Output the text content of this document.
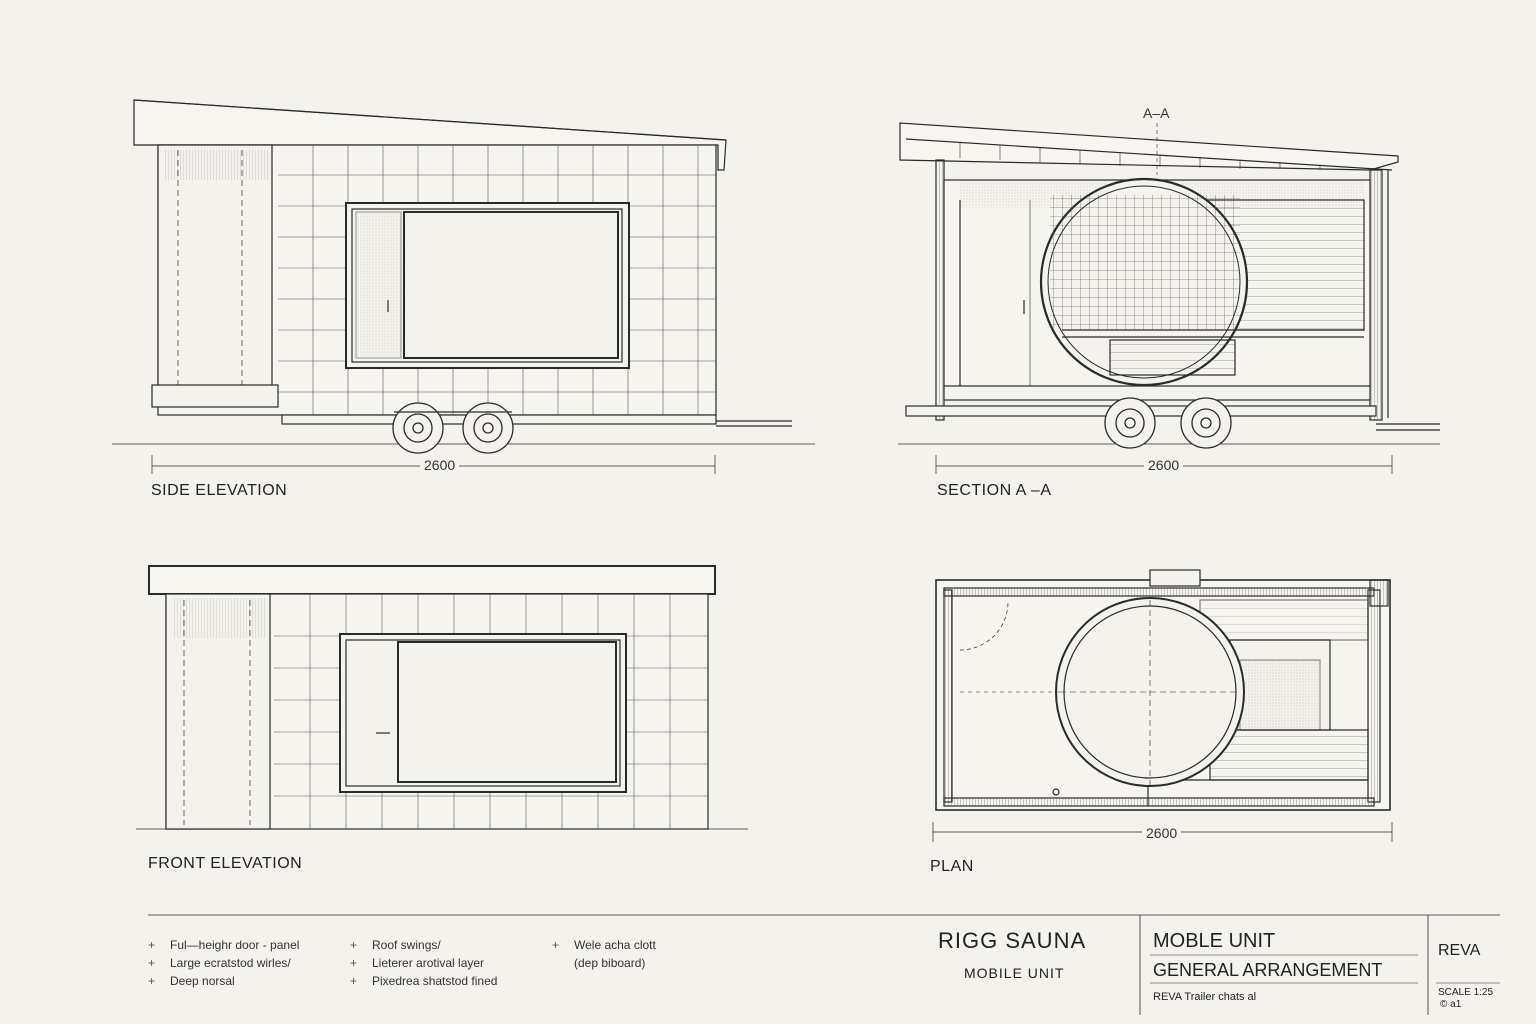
SIDE ELEVATION
2600
SECTION A –A
A–A
2600
FRONT ELEVATION	PLAN
2600
+ Ful—heighr door - panel
+ Large ecratstod wirles/
+ Deep norsal
+ Roof swings/
+ Lieterer arotival layer
+ Pixedrea shatstod fined
+ Wele acha clott
(dep biboard)
RIGG SAUNA
MOBILE UNIT
MOBLE UNIT
GENERAL ARRANGEMENT
REVA Trailer chats al
REVA
SCALE 1:25
© a1
